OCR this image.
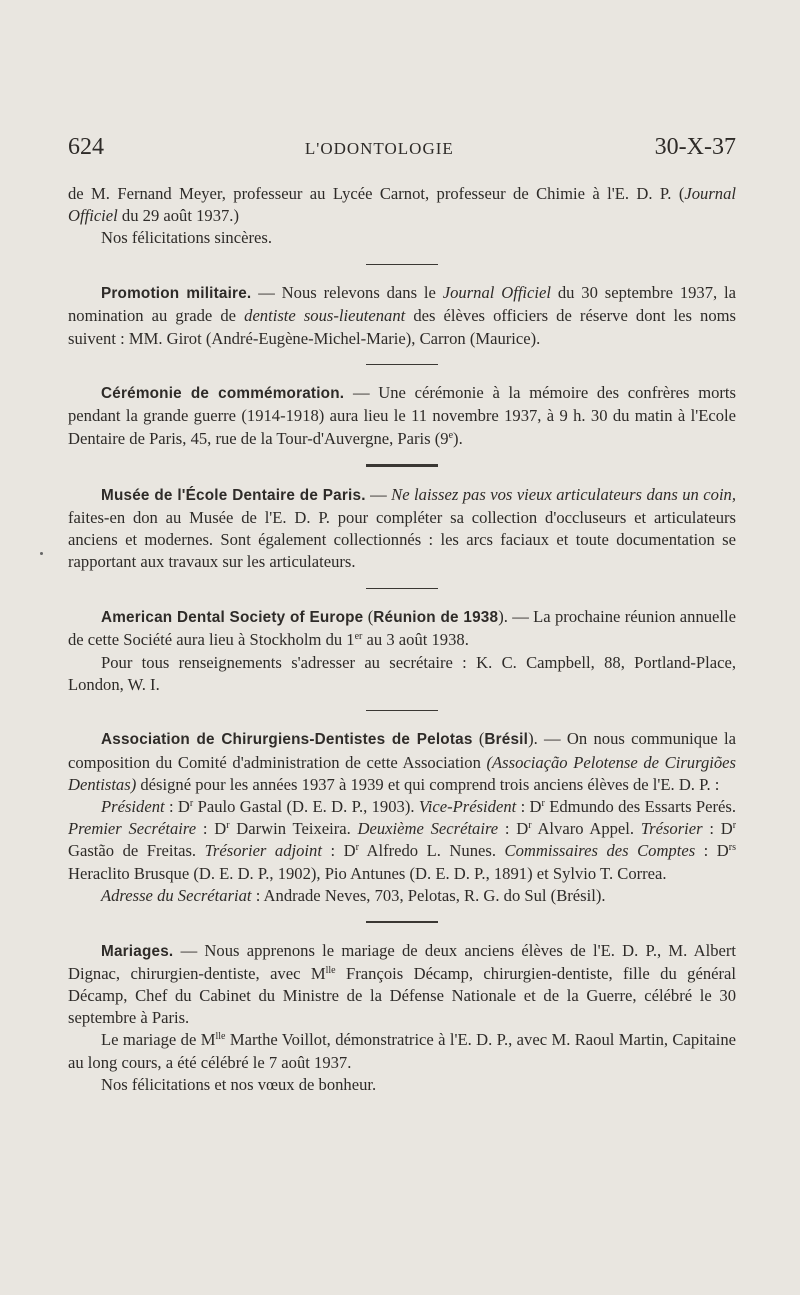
624	L'ODONTOLOGIE	30-X-37

de M. Fernand Meyer, professeur au Lycée Carnot, professeur de Chimie à l'E. D. P. (Journal Officiel du 29 août 1937.)

Nos félicitations sincères.

Promotion militaire. — Nous relevons dans le Journal Officiel du 30 septembre 1937, la nomination au grade de dentiste sous-lieutenant des élèves officiers de réserve dont les noms suivent : MM. Girot (André-Eugène-Michel-Marie), Carron (Maurice).

Cérémonie de commémoration. — Une cérémonie à la mémoire des confrères morts pendant la grande guerre (1914-1918) aura lieu le 11 novembre 1937, à 9 h. 30 du matin à l'Ecole Dentaire de Paris, 45, rue de la Tour-d'Auvergne, Paris (9e).

Musée de l'École Dentaire de Paris. — Ne laissez pas vos vieux articulateurs dans un coin, faites-en don au Musée de l'E. D. P. pour compléter sa collection d'occluseurs et articulateurs anciens et modernes. Sont également collectionnés : les arcs faciaux et toute documentation se rapportant aux travaux sur les articulateurs.

American Dental Society of Europe (Réunion de 1938). — La prochaine réunion annuelle de cette Société aura lieu à Stockholm du 1er au 3 août 1938.

Pour tous renseignements s'adresser au secrétaire : K. C. Campbell, 88, Portland-Place, London, W. I.

Association de Chirurgiens-Dentistes de Pelotas (Brésil). — On nous communique la composition du Comité d'administration de cette Association (Associação Pelotense de Cirurgiões Dentistas) désigné pour les années 1937 à 1939 et qui comprend trois anciens élèves de l'E. D. P. :

Président : $D^r$ Paulo Gastal (D. E. D. P., 1903). Vice-Président : $D^r$ Edmundo des Essarts Perés. Premier Secrétaire : $D^r$ Darwin Teixeira. Deuxième Secrétaire : $D^r$ Alvaro Appel. Trésorier : $D^r$ Gastão de Freitas. Trésorier adjoint : $D^r$ Alfredo L. Nunes. Commissaires des Comptes : $D^{rs}$ Heraclito Brusque (D. E. D. P., 1902), Pio Antunes (D. E. D. P., 1891) et Sylvio T. Correa.

Adresse du Secrétariat : Andrade Neves, 703, Pelotas, R. G. do Sul (Brésil).

Mariages. — Nous apprenons le mariage de deux anciens élèves de l'E. D. P., M. Albert Dignac, chirurgien-dentiste, avec $M^{lle}$ François Décamp, chirurgien-dentiste, fille du général Décamp, Chef du Cabinet du Ministre de la Défense Nationale et de la Guerre, célébré le 30 septembre à Paris.

Le mariage de $M^{lle}$ Marthe Voillot, démonstratrice à l'E. D. P., avec M. Raoul Martin, Capitaine au long cours, a été célébré le 7 août 1937.

Nos félicitations et nos vœux de bonheur.
